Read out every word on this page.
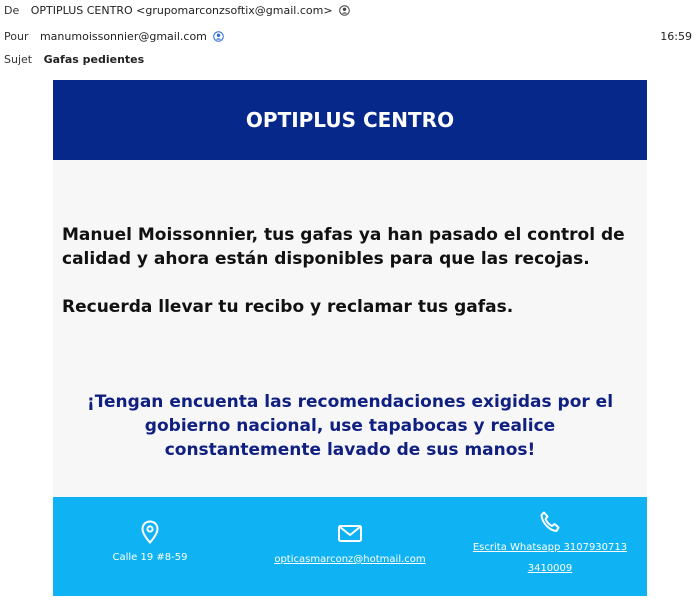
De OPTIPLUS CENTRO <grupomarconzsoftix@gmail.com>
Pour manumoissonnier@gmail.com	16:59
Sujet Gafas pedientes
OPTIPLUS CENTRO

Manuel Moissonnier, tus gafas ya han pasado el control de calidad y ahora están disponibles para que las recojas.

Recuerda llevar tu recibo y reclamar tus gafas.

¡Tengan encuenta las recomendaciones exigidas por el gobierno nacional, use tapabocas y realice constantemente lavado de sus manos!
Calle 19 #8-59	opticasmarconz@hotmail.com
Escrita Whatsapp 3107930713 3410009
